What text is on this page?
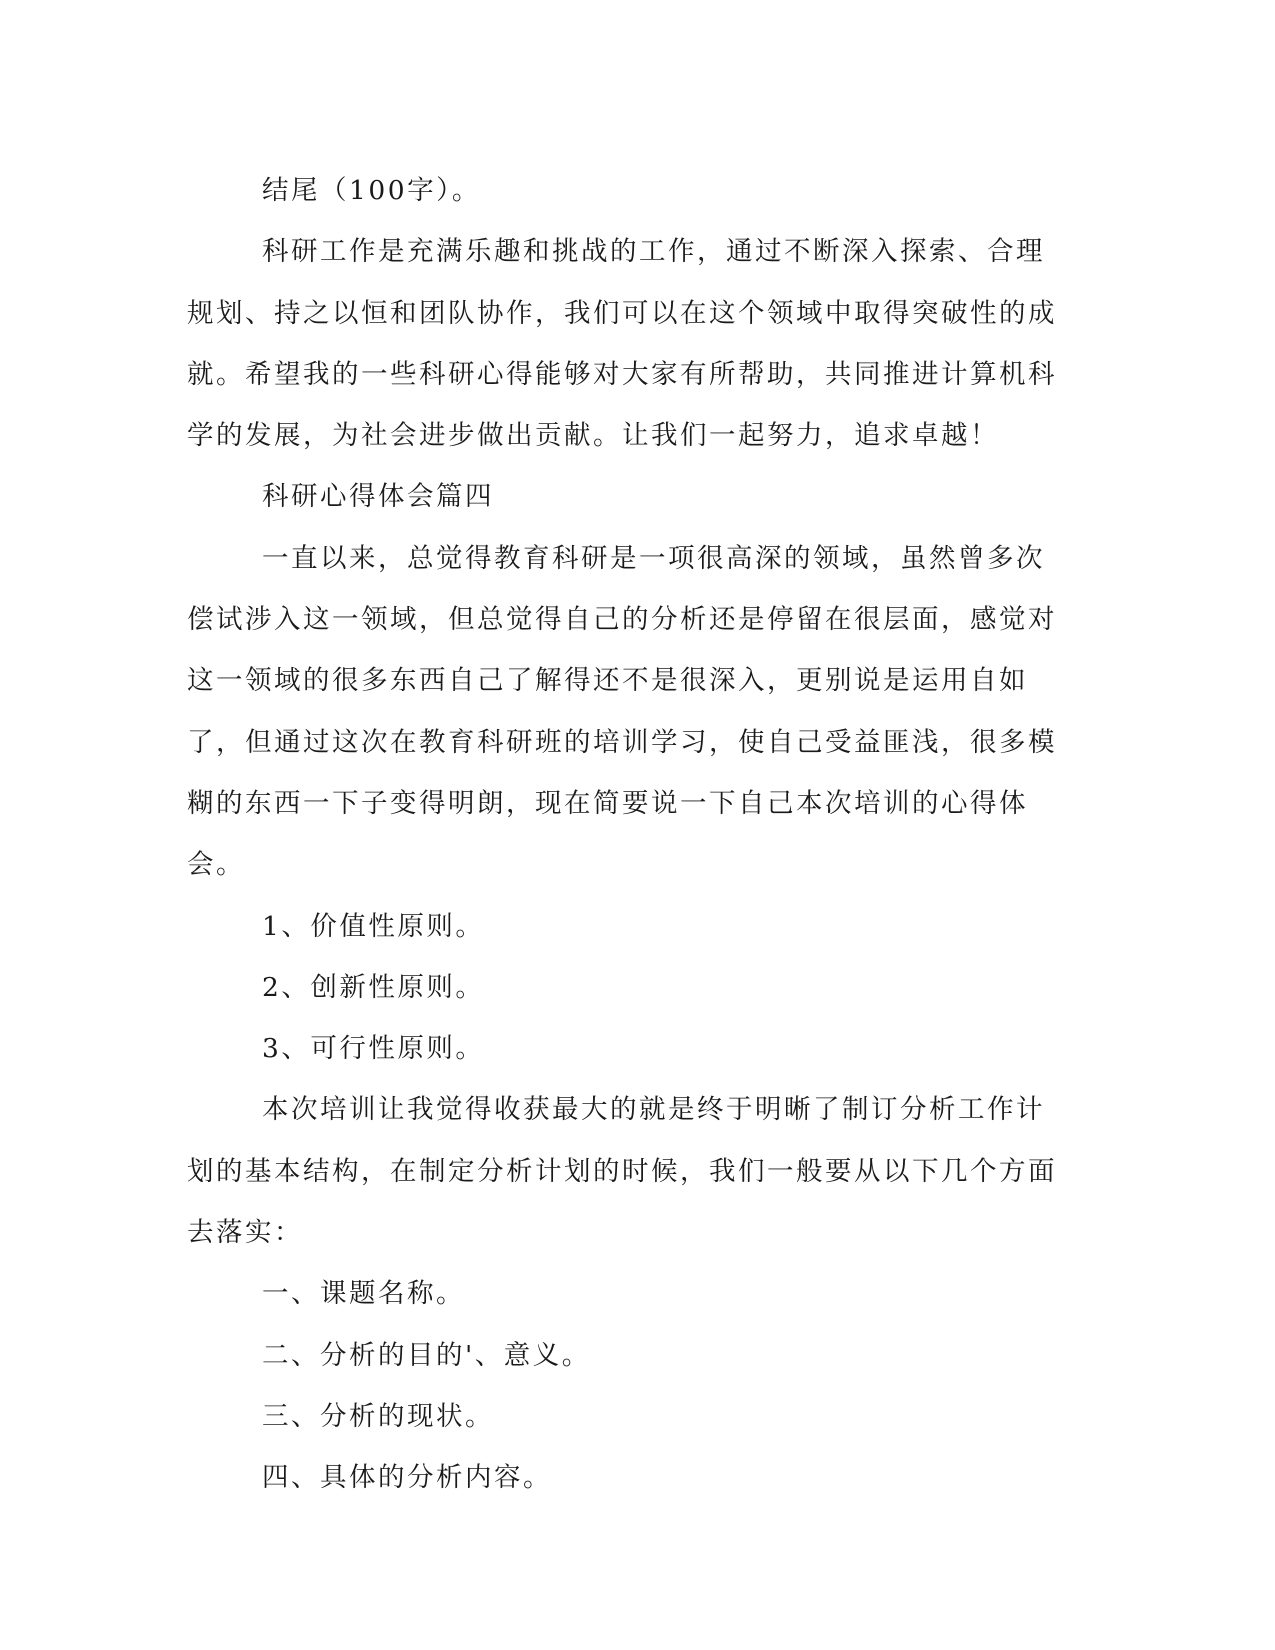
结尾（100字）。

科研工作是充满乐趣和挑战的工作，通过不断深入探索、合理规划、持之以恒和团队协作，我们可以在这个领域中取得突破性的成就。希望我的一些科研心得能够对大家有所帮助，共同推进计算机科学的发展，为社会进步做出贡献。让我们一起努力，追求卓越！

科研心得体会篇四

一直以来，总觉得教育科研是一项很高深的领域，虽然曾多次偿试涉入这一领域，但总觉得自己的分析还是停留在很层面，感觉对这一领域的很多东西自己了解得还不是很深入，更别说是运用自如了，但通过这次在教育科研班的培训学习，使自己受益匪浅，很多模糊的东西一下子变得明朗，现在简要说一下自己本次培训的心得体会。

1、价值性原则。

2、创新性原则。

3、可行性原则。

本次培训让我觉得收获最大的就是终于明晰了制订分析工作计划的基本结构，在制定分析计划的时候，我们一般要从以下几个方面去落实：

一、课题名称。

二、分析的目的'、意义。

三、分析的现状。

四、具体的分析内容。
